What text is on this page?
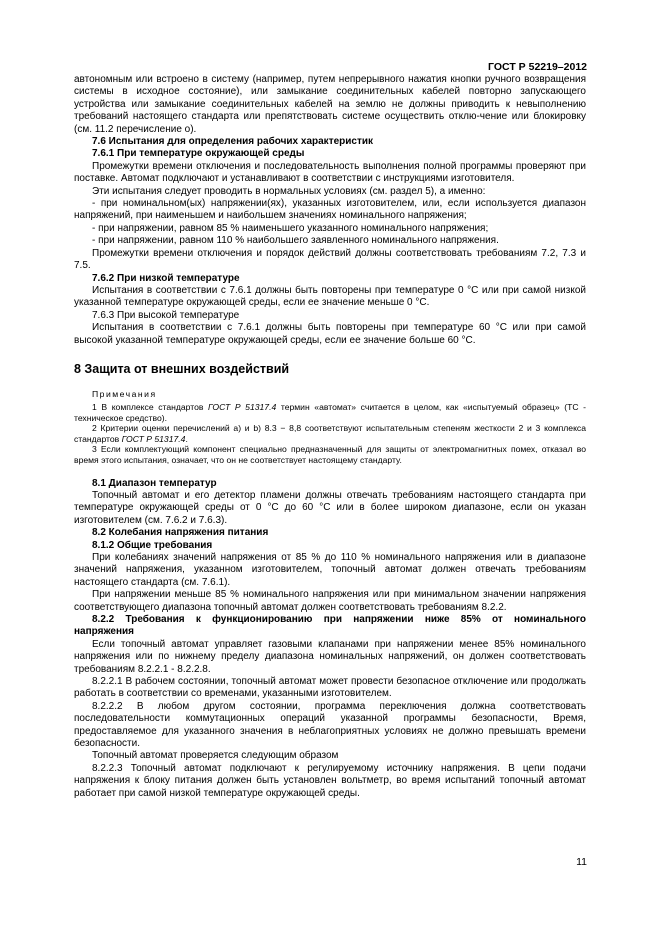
ГОСТ Р 52219–2012

автономным или встроено в систему (например, путем непрерывного нажатия кнопки ручного возвращения системы в исходное состояние), или замыкание соединительных кабелей повторно запускающего устройства или замыкание соединительных кабелей на землю не должны приводить к невыполнению требований настоящего стандарта или препятствовать системе осуществить отклю-чение или блокировку (см. 11.2 перечисление о).

7.6 Испытания для определения рабочих характеристик

7.6.1 При температуре окружающей среды

Промежутки времени отключения и последовательность выполнения полной программы проверяют при поставке. Автомат подключают и устанавливают в соответствии с инструкциями изготовителя.

Эти испытания следует проводить в нормальных условиях (см. раздел 5), а именно:

- при номинальном(ых) напряжении(ях), указанных изготовителем, или, если используется диапазон напряжений, при наименьшем и наибольшем значениях номинального напряжения;

- при напряжении, равном 85 % наименьшего указанного номинального напряжения;

- при напряжении, равном 110 % наибольшего заявленного номинального напряжения.

Промежутки времени отключения и порядок действий должны соответствовать требованиям 7.2, 7.3 и 7.5.

7.6.2 При низкой температуре

Испытания в соответствии с 7.6.1 должны быть повторены при температуре 0 °С или при самой низкой указанной температуре окружающей среды, если ее значение меньше 0 °С.

7.6.3 При высокой температуре

Испытания в соответствии с 7.6.1 должны быть повторены при температуре 60 °С или при самой высокой указанной температуре окружающей среды, если ее значение больше 60 °С.

8 Защита от внешних воздействий

Примечания

1 В комплексе стандартов ГОСТ Р 51317.4 термин «автомат» считается в целом, как «испытуемый образец» (ТС - техническое средство).

2 Критерии оценки перечислений а) и b) 8.3 − 8,8 соответствуют испытательным степеням жесткости 2 и 3 комплекса стандартов ГОСТ Р 51317.4.

3 Если комплектующий компонент специально предназначенный для защиты от электромагнитных помех, отказал во время этого испытания, означает, что он не соответствует настоящему стандарту.

8.1 Диапазон температур

Топочный автомат и его детектор пламени должны отвечать требованиям настоящего стандарта при температуре окружающей среды от 0 °С до 60 °С или в более широком диапазоне, если он указан изготовителем (см. 7.6.2 и 7.6.3).

8.2 Колебания напряжения питания

8.1.2 Общие требования

При колебаниях значений напряжения от 85 % до 110 % номинального напряжения или в диапазоне значений напряжения, указанном изготовителем, топочный автомат должен отвечать требованиям настоящего стандарта (см. 7.6.1).

При напряжении меньше 85 % номинального напряжения или при минимальном значении напряжения соответствующего диапазона топочный автомат должен соответствовать требованиям 8.2.2.

8.2.2 Требования к функционированию при напряжении ниже 85% от номинального напряжения

Если топочный автомат управляет газовыми клапанами при напряжении менее 85% номинального напряжения или по нижнему пределу диапазона номинальных напряжений, он должен соответствовать требованиям 8.2.2.1 - 8.2.2.8.

8.2.2.1 В рабочем состоянии, топочный автомат может провести безопасное отключение или продолжать работать в соответствии со временами, указанными изготовителем.

8.2.2.2 В любом другом состоянии, программа переключения должна соответствовать последовательности коммутационных операций указанной программы безопасности, Время, предоставляемое для указанного значения в неблагоприятных условиях не должно превышать времени безопасности.

Топочный автомат проверяется следующим образом

8.2.2.3 Топочный автомат подключают к регулируемому источнику напряжения. В цепи подачи напряжения к блоку питания должен быть установлен вольтметр, во время испытаний топочный автомат работает при самой низкой температуре окружающей среды.

11
